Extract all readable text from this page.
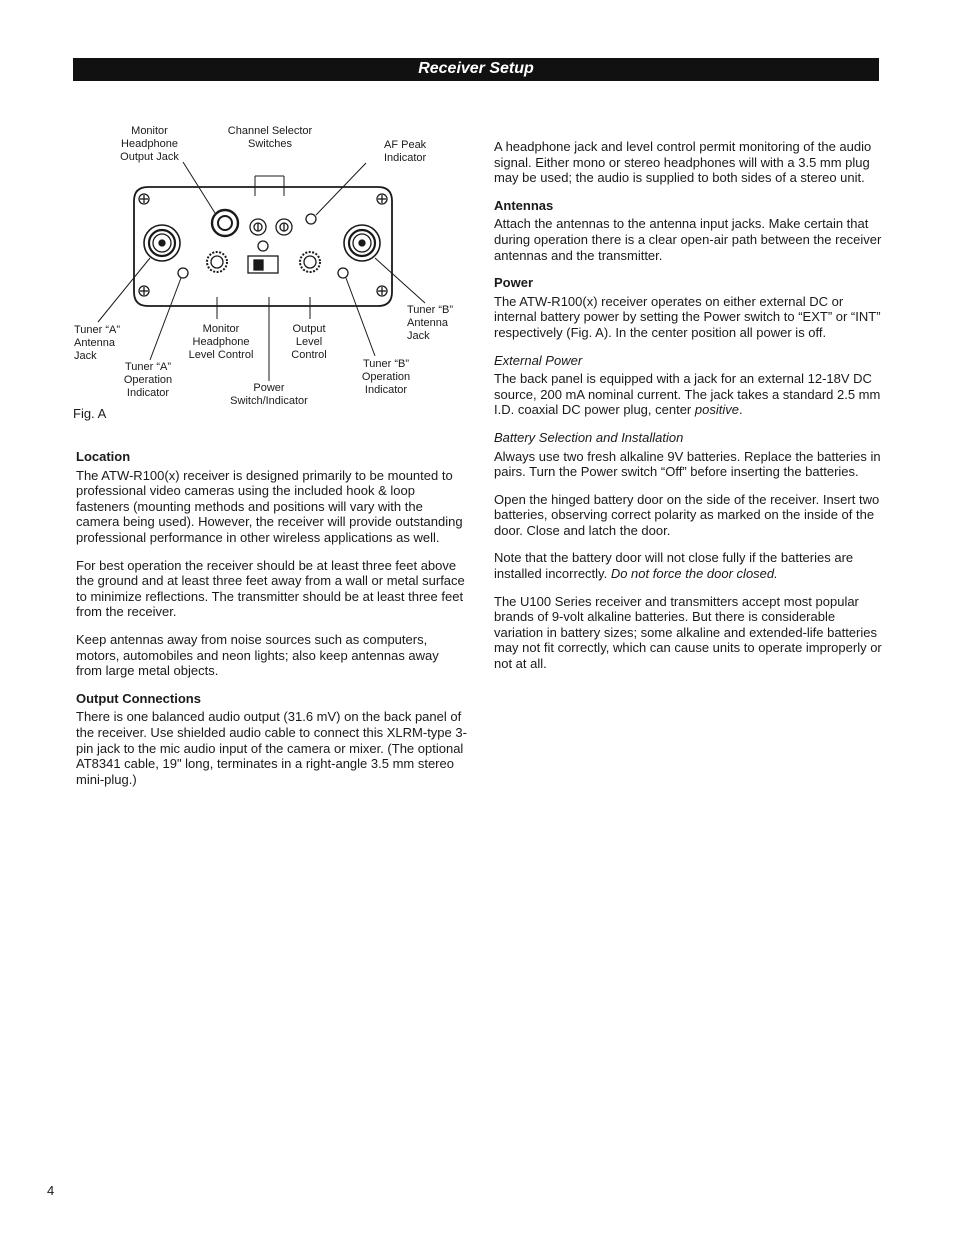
Receiver Setup
Monitor
Headphone
Output Jack
Channel Selector
Switches	AF Peak
Indicator
Tuner “A”
Antenna
Jack
Tuner “A”
Operation
Indicator
Monitor
Headphone
Level Control
Power
Switch/Indicator
Output
Level
Control
Tuner “B”
Operation
Indicator
Tuner “B”
Antenna
Jack
Fig. A
Location

The ATW-R100(x) receiver is designed primarily to be mounted to professional video cameras using the included hook & loop fasteners (mounting methods and positions will vary with the camera being used). However, the receiver will provide outstanding professional performance in other wireless applications as well.

For best operation the receiver should be at least three feet above the ground and at least three feet away from a wall or metal surface to minimize reflections. The transmitter should be at least three feet from the receiver.

Keep antennas away from noise sources such as computers, motors, automobiles and neon lights; also keep antennas away from large metal objects.

Output Connections

There is one balanced audio output (31.6 mV) on the back panel of the receiver. Use shielded audio cable to connect this XLRM-type 3-pin jack to the mic audio input of the camera or mixer. (The optional AT8341 cable, 19" long, terminates in a right-angle 3.5 mm stereo mini-plug.)

A headphone jack and level control permit monitoring of the audio signal. Either mono or stereo headphones will with a 3.5 mm plug may be used; the audio is supplied to both sides of a stereo unit.

Antennas

Attach the antennas to the antenna input jacks. Make certain that during operation there is a clear open-air path between the receiver antennas and the transmitter.

Power

The ATW-R100(x) receiver operates on either external DC or internal battery power by setting the Power switch to “EXT” or “INT” respectively (Fig. A). In the center position all power is off.

External Power

The back panel is equipped with a jack for an external 12-18V DC source, 200 mA nominal current. The jack takes a standard 2.5 mm I.D. coaxial DC power plug, center positive.

Battery Selection and Installation

Always use two fresh alkaline 9V batteries. Replace the batteries in pairs. Turn the Power switch “Off” before inserting the batteries.

Open the hinged battery door on the side of the receiver. Insert two batteries, observing correct polarity as marked on the inside of the door. Close and latch the door.

Note that the battery door will not close fully if the batteries are installed incorrectly. Do not force the door closed.

The U100 Series receiver and transmitters accept most popular brands of 9-volt alkaline batteries. But there is considerable variation in battery sizes; some alkaline and extended-life batteries may not fit correctly, which can cause units to operate improperly or not at all.

4
